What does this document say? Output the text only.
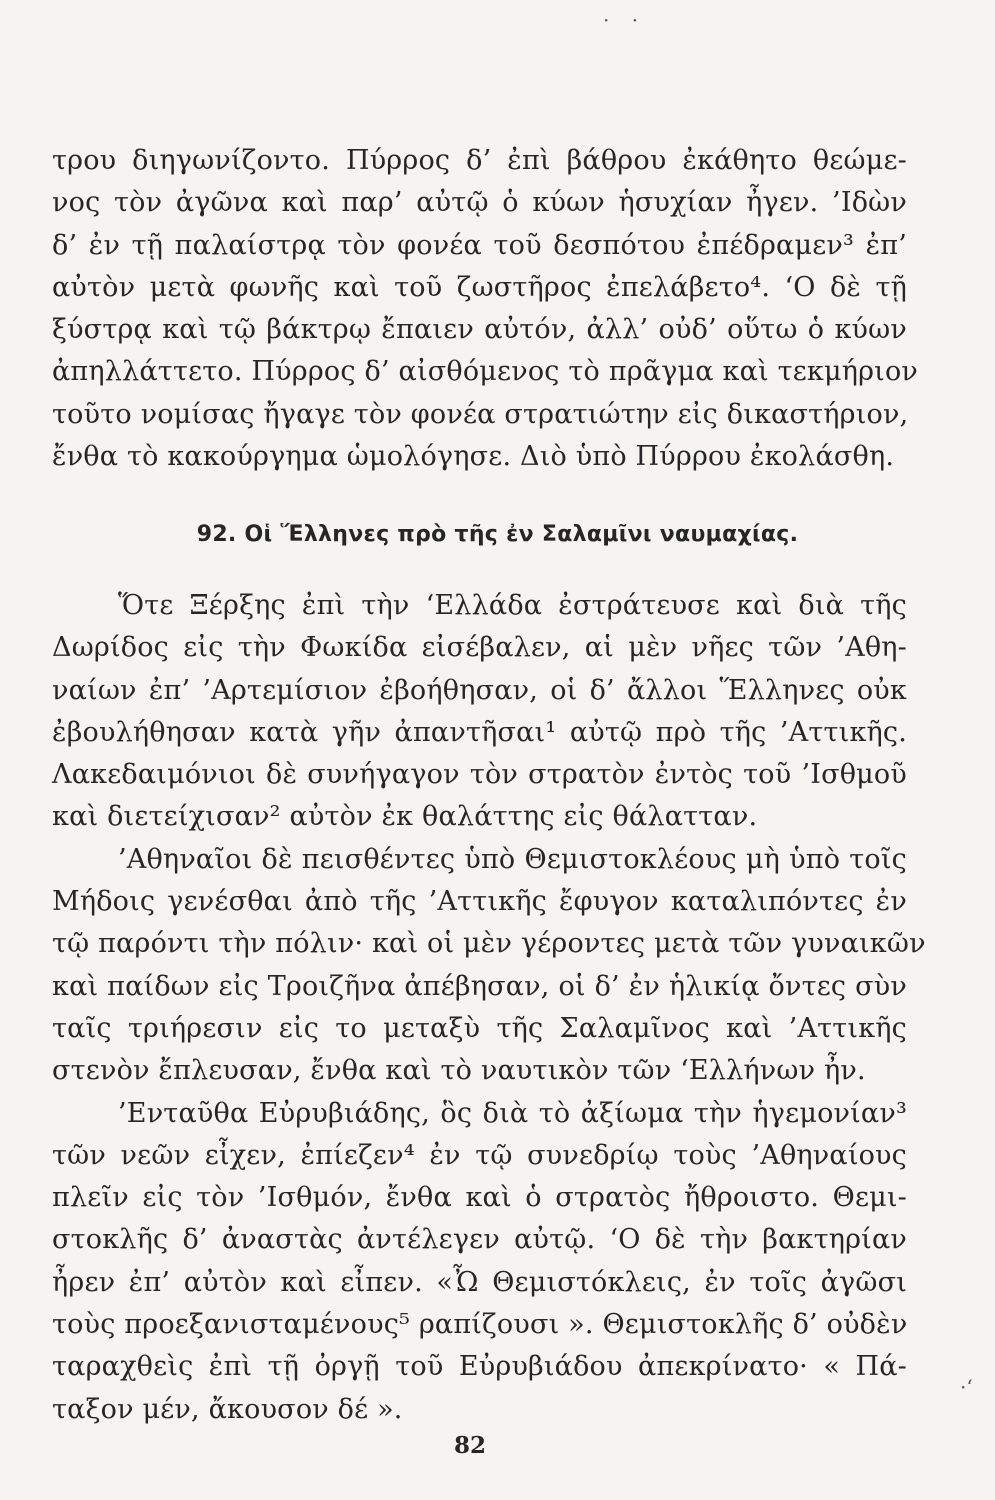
· ·
τρου διηγωνίζοντο. Πύρρος δ’ ἐπὶ βάθρου ἐκάθητο θεώμε-
νος τὸν ἀγῶνα καὶ παρ’ αὐτῷ ὁ κύων ἡσυχίαν ἦγεν. ’Ιδὼν
δ’ ἐν τῇ παλαίστρᾳ τὸν φονέα τοῦ δεσπότου ἐπέδραμεν³ ἐπ’
αὐτὸν μετὰ φωνῆς καὶ τοῦ ζωστῆρος ἐπελάβετο⁴. ‘Ο δὲ τῇ
ξύστρᾳ καὶ τῷ βάκτρῳ ἔπαιεν αὐτόν, ἀλλ’ οὐδ’ οὕτω ὁ κύων
ἀπηλλάττετο. Πύρρος δ’ αἰσθόμενος τὸ πρᾶγμα καὶ τεκμήριον
τοῦτο νομίσας ἤγαγε τὸν φονέα στρατιώτην εἰς δικαστήριον,
ἔνθα τὸ κακούργημα ὡμολόγησε. Διὸ ὑπὸ Πύρρου ἐκολάσθη.
92. Οἱ Ἕλληνες πρὸ τῆς ἐν Σαλαμῖνι ναυμαχίας.
Ὅτε Ξέρξης ἐπὶ τὴν ‘Ελλάδα ἐστράτευσε καὶ διὰ τῆς
Δωρίδος εἰς τὴν Φωκίδα εἰσέβαλεν, αἱ μὲν νῆες τῶν ’Αθη-
ναίων ἐπ’ ’Αρτεμίσιον ἐβοήθησαν, οἱ δ’ ἄλλοι Ἕλληνες οὐκ
ἐβουλήθησαν κατὰ γῆν ἀπαντῆσαι¹ αὐτῷ πρὸ τῆς ’Αττικῆς.
Λακεδαιμόνιοι δὲ συνήγαγον τὸν στρατὸν ἐντὸς τοῦ ’Ισθμοῦ
καὶ διετείχισαν² αὐτὸν ἐκ θαλάττης εἰς θάλατταν.
’Αθηναῖοι δὲ πεισθέντες ὑπὸ Θεμιστοκλέους μὴ ὑπὸ τοῖς
Μήδοις γενέσθαι ἀπὸ τῆς ’Αττικῆς ἔφυγον καταλιπόντες ἐν
τῷ παρόντι τὴν πόλιν· καὶ οἱ μὲν γέροντες μετὰ τῶν γυναικῶν
καὶ παίδων εἰς Τροιζῆνα ἀπέβησαν, οἱ δ’ ἐν ἡλικίᾳ ὄντες σὺν
ταῖς τριήρεσιν εἰς το μεταξὺ τῆς Σαλαμῖνος καὶ ’Αττικῆς
στενὸν ἔπλευσαν, ἔνθα καὶ τὸ ναυτικὸν τῶν ‘Ελλήνων ἦν.
’Ενταῦθα Εὐρυβιάδης, ὃς διὰ τὸ ἀξίωμα τὴν ἡγεμονίαν³
τῶν νεῶν εἶχεν, ἐπίεζεν⁴ ἐν τῷ συνεδρίῳ τοὺς ’Αθηναίους
πλεῖν εἰς τὸν ’Ισθμόν, ἔνθα καὶ ὁ στρατὸς ἤθροιστο. Θεμι-
στοκλῆς δ’ ἀναστὰς ἀντέλεγεν αὐτῷ. ‘Ο δὲ τὴν βακτηρίαν
ἦρεν ἐπ’ αὐτὸν καὶ εἶπεν. «Ὦ Θεμιστόκλεις, ἐν τοῖς ἀγῶσι
τοὺς προεξανισταμένους⁵ ραπίζουσι ». Θεμιστοκλῆς δ’ οὐδὲν
ταραχθεὶς ἐπὶ τῇ ὀργῇ τοῦ Εὐρυβιάδου ἀπεκρίνατο· « Πά-
ταξον μέν, ἄκουσον δέ ».
·‘
82
